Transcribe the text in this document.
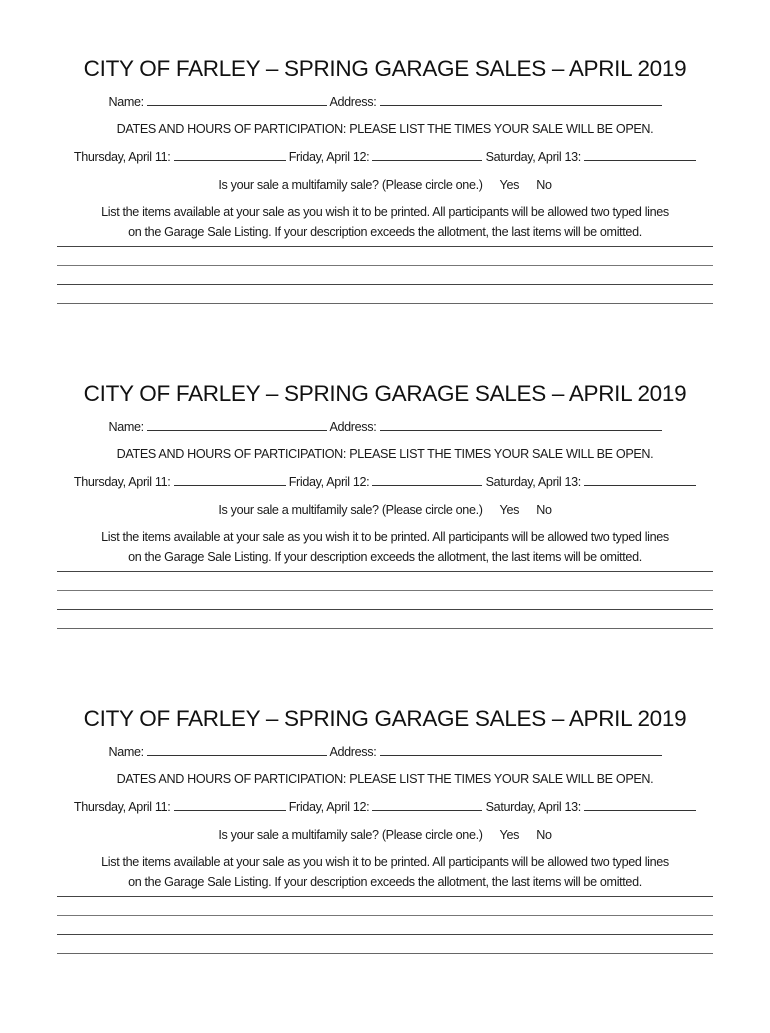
CITY OF FARLEY – SPRING GARAGE SALES – APRIL 2019
Name:	Address:
DATES AND HOURS OF PARTICIPATION: PLEASE LIST THE TIMES YOUR SALE WILL BE OPEN.
Thursday, April 11:	Friday, April 12:	Saturday, April 13:
Is your sale a multifamily sale? (Please circle one.) Yes No
List the items available at your sale as you wish it to be printed. All participants will be allowed two typed lines
on the Garage Sale Listing. If your description exceeds the allotment, the last items will be omitted.
CITY OF FARLEY – SPRING GARAGE SALES – APRIL 2019
Name:	Address:
DATES AND HOURS OF PARTICIPATION: PLEASE LIST THE TIMES YOUR SALE WILL BE OPEN.
Thursday, April 11:	Friday, April 12:	Saturday, April 13:
Is your sale a multifamily sale? (Please circle one.) Yes No
List the items available at your sale as you wish it to be printed. All participants will be allowed two typed lines
on the Garage Sale Listing. If your description exceeds the allotment, the last items will be omitted.
CITY OF FARLEY – SPRING GARAGE SALES – APRIL 2019
Name:	Address:
DATES AND HOURS OF PARTICIPATION: PLEASE LIST THE TIMES YOUR SALE WILL BE OPEN.
Thursday, April 11:	Friday, April 12:	Saturday, April 13:
Is your sale a multifamily sale? (Please circle one.) Yes No
List the items available at your sale as you wish it to be printed. All participants will be allowed two typed lines
on the Garage Sale Listing. If your description exceeds the allotment, the last items will be omitted.
